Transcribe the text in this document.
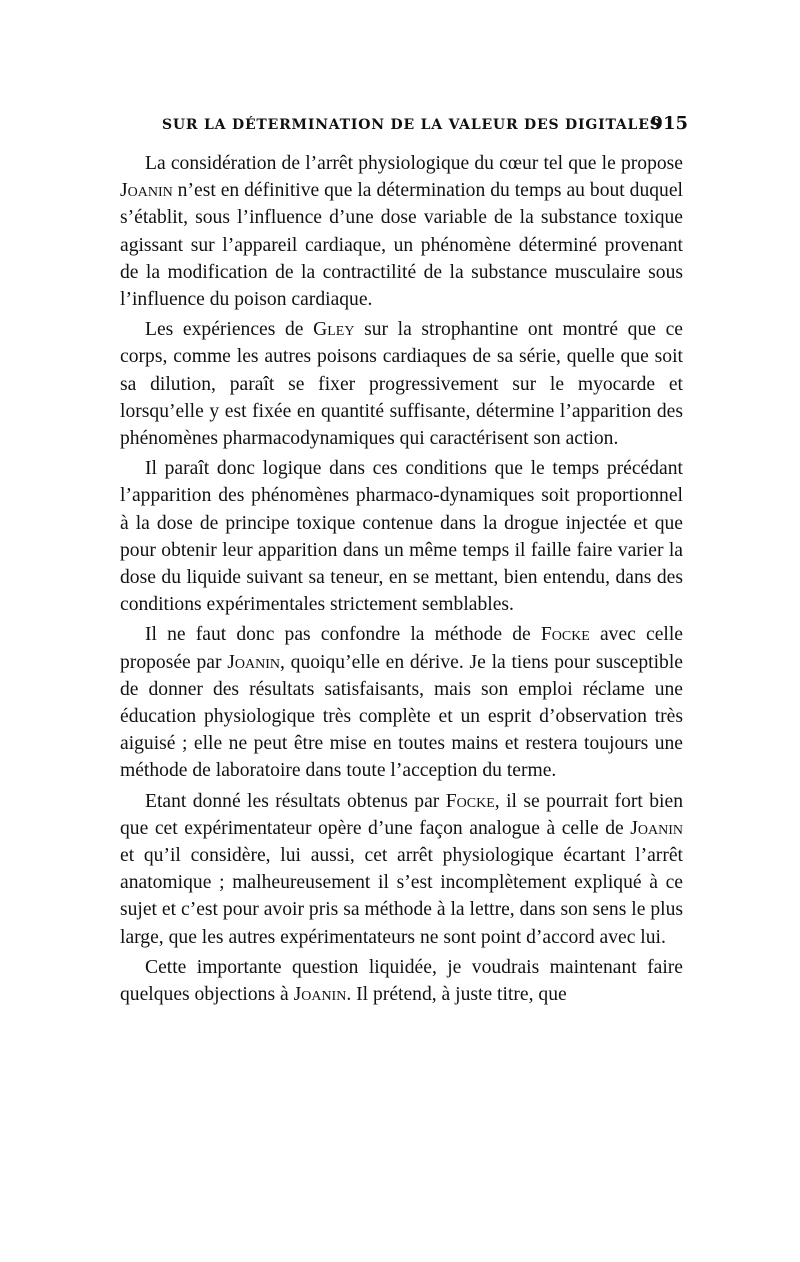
SUR LA DÉTERMINATION DE LA VALEUR DES DIGITALES
915

La considération de l’arrêt physiologique du cœur tel que le propose Joanin n’est en définitive que la détermination du temps au bout duquel s’établit, sous l’influence d’une dose variable de la substance toxique agissant sur l’appareil cardiaque, un phénomène déterminé provenant de la modification de la contractilité de la substance musculaire sous l’influence du poison cardiaque.

Les expériences de Gley sur la strophantine ont montré que ce corps, comme les autres poisons cardiaques de sa série, quelle que soit sa dilution, paraît se fixer progressivement sur le myocarde et lorsqu’elle y est fixée en quantité suffisante, détermine l’apparition des phénomènes pharmacodynamiques qui caractérisent son action.

Il paraît donc logique dans ces conditions que le temps précédant l’apparition des phénomènes pharmaco-dynamiques soit proportionnel à la dose de principe toxique contenue dans la drogue injectée et que pour obtenir leur apparition dans un même temps il faille faire varier la dose du liquide suivant sa teneur, en se mettant, bien entendu, dans des conditions expérimentales strictement semblables.

Il ne faut donc pas confondre la méthode de Focke avec celle proposée par Joanin, quoiqu’elle en dérive. Je la tiens pour susceptible de donner des résultats satisfaisants, mais son emploi réclame une éducation physiologique très complète et un esprit d’observation très aiguisé ; elle ne peut être mise en toutes mains et restera toujours une méthode de laboratoire dans toute l’acception du terme.

Etant donné les résultats obtenus par Focke, il se pourrait fort bien que cet expérimentateur opère d’une façon analogue à celle de Joanin et qu’il considère, lui aussi, cet arrêt physiologique écartant l’arrêt anatomique ; malheureusement il s’est incomplètement expliqué à ce sujet et c’est pour avoir pris sa méthode à la lettre, dans son sens le plus large, que les autres expérimentateurs ne sont point d’accord avec lui.

Cette importante question liquidée, je voudrais maintenant faire quelques objections à Joanin. Il prétend, à juste titre, que
